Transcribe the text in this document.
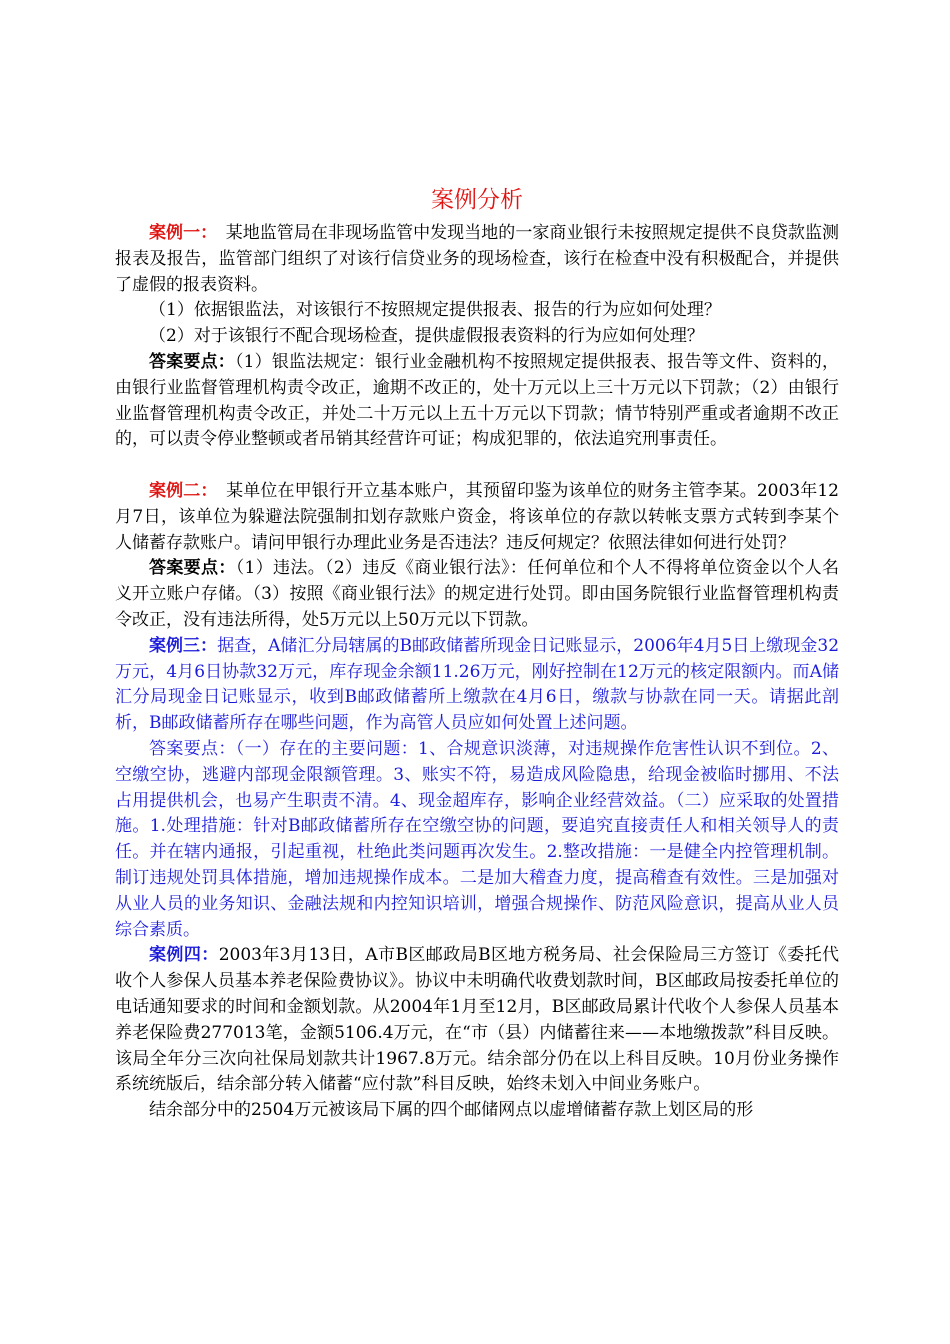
案例分析

案例一：  某地监管局在非现场监管中发现当地的一家商业银行未按照规定提供不良贷款监测报表及报告，监管部门组织了对该行信贷业务的现场检查，该行在检查中没有积极配合，并提供了虚假的报表资料。

（1）依据银监法，对该银行不按照规定提供报表、报告的行为应如何处理？

（2）对于该银行不配合现场检查，提供虚假报表资料的行为应如何处理？

答案要点：（1）银监法规定：银行业金融机构不按照规定提供报表、报告等文件、资料的，由银行业监督管理机构责令改正，逾期不改正的，处十万元以上三十万元以下罚款；（2）由银行业监督管理机构责令改正，并处二十万元以上五十万元以下罚款；情节特别严重或者逾期不改正的，可以责令停业整顿或者吊销其经营许可证；构成犯罪的，依法追究刑事责任。

案例二：  某单位在甲银行开立基本账户，其预留印鉴为该单位的财务主管李某。2003年12月7日，该单位为躲避法院强制扣划存款账户资金，将该单位的存款以转帐支票方式转到李某个人储蓄存款账户。请问甲银行办理此业务是否违法？违反何规定？依照法律如何进行处罚？

答案要点：（1）违法。（2）违反《商业银行法》：任何单位和个人不得将单位资金以个人名义开立账户存储。（3）按照《商业银行法》的规定进行处罚。即由国务院银行业监督管理机构责令改正，没有违法所得，处5万元以上50万元以下罚款。

案例三：据查，A储汇分局辖属的B邮政储蓄所现金日记账显示，2006年4月5日上缴现金32万元，4月6日协款32万元，库存现金余额11.26万元，刚好控制在12万元的核定限额内。而A储汇分局现金日记账显示，收到B邮政储蓄所上缴款在4月6日，缴款与协款在同一天。请据此剖析，B邮政储蓄所存在哪些问题，作为高管人员应如何处置上述问题。

答案要点：（一）存在的主要问题：1、合规意识淡薄，对违规操作危害性认识不到位。2、空缴空协，逃避内部现金限额管理。3、账实不符，易造成风险隐患，给现金被临时挪用、不法占用提供机会，也易产生职责不清。4、现金超库存，影响企业经营效益。（二）应采取的处置措施。1.处理措施：针对B邮政储蓄所存在空缴空协的问题，要追究直接责任人和相关领导人的责任。并在辖内通报，引起重视，杜绝此类问题再次发生。2.整改措施：一是健全内控管理机制。制订违规处罚具体措施，增加违规操作成本。二是加大稽查力度，提高稽查有效性。三是加强对从业人员的业务知识、金融法规和内控知识培训，增强合规操作、防范风险意识，提高从业人员综合素质。

案例四：2003年3月13日，A市B区邮政局B区地方税务局、社会保险局三方签订《委托代收个人参保人员基本养老保险费协议》。协议中未明确代收费划款时间，B区邮政局按委托单位的电话通知要求的时间和金额划款。从2004年1月至12月，B区邮政局累计代收个人参保人员基本养老保险费277013笔，金额5106.4万元，在“市（县）内储蓄往来——本地缴拨款”科目反映。该局全年分三次向社保局划款共计1967.8万元。结余部分仍在以上科目反映。10月份业务操作系统统版后，结余部分转入储蓄“应付款”科目反映，始终未划入中间业务账户。

结余部分中的2504万元被该局下属的四个邮储网点以虚增储蓄存款上划区局的形
